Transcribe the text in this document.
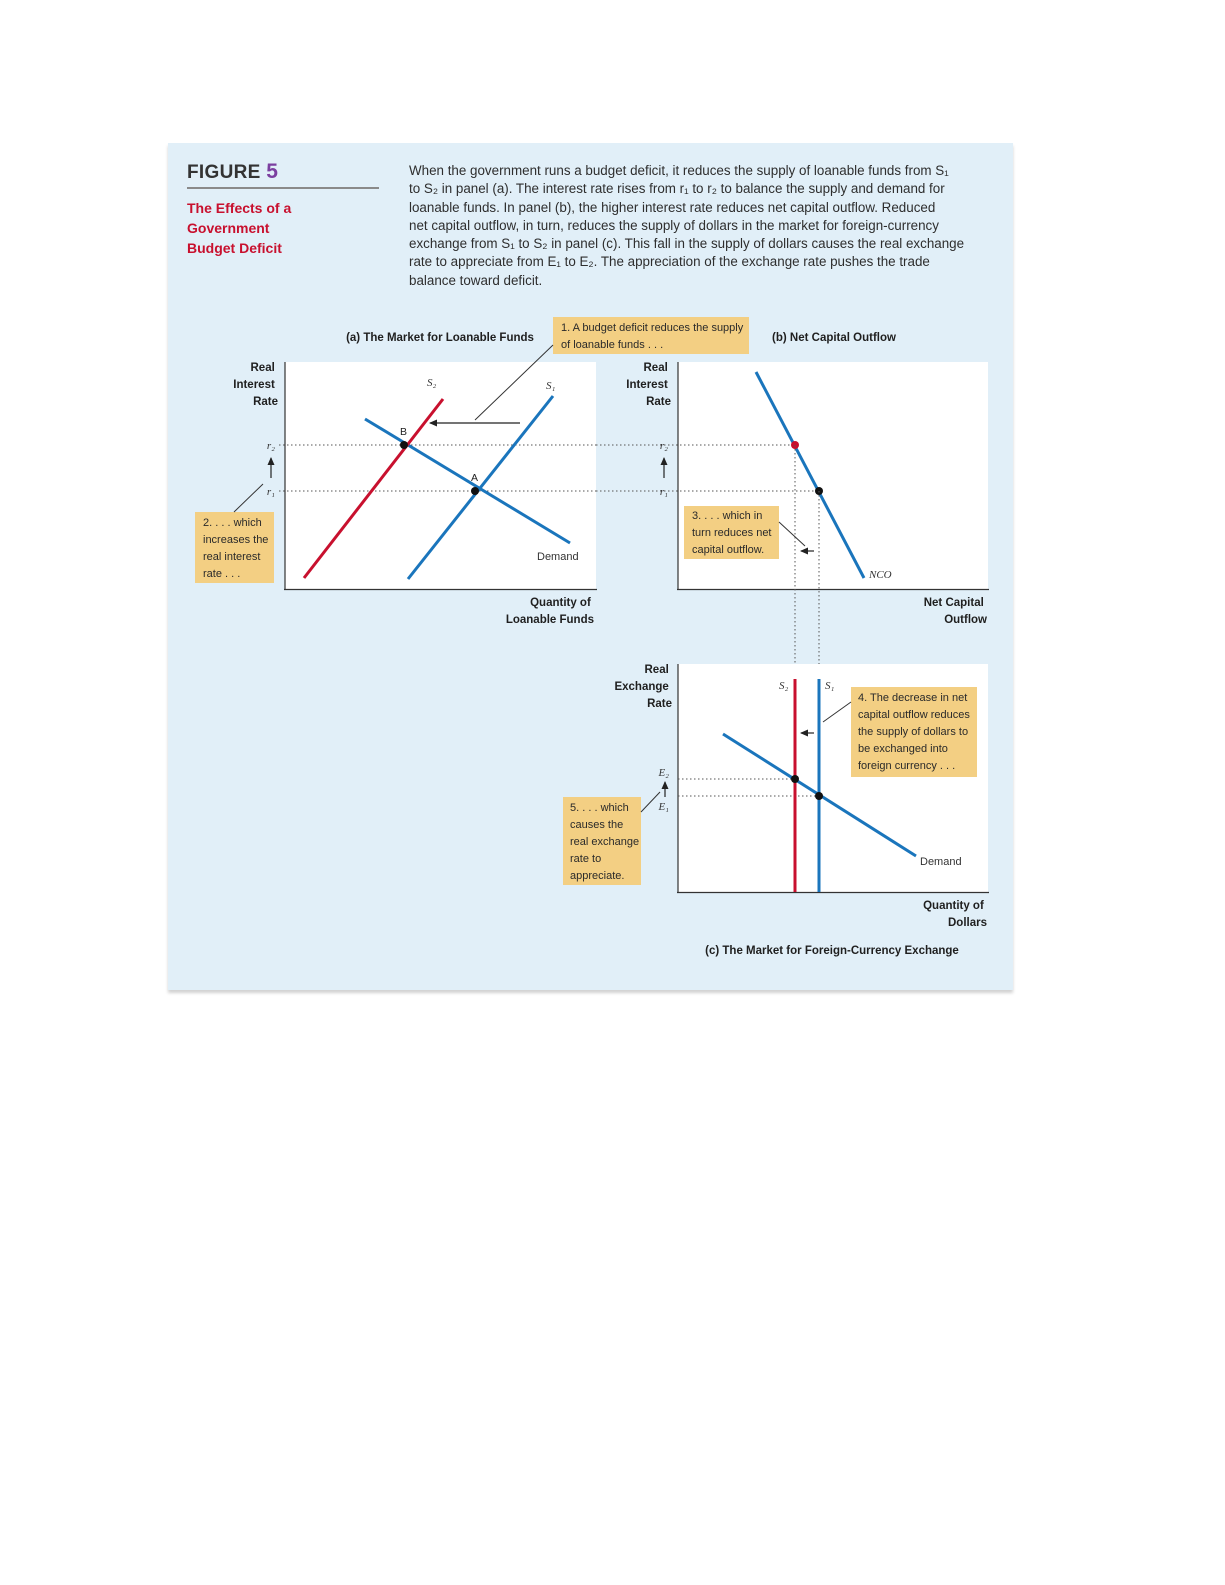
FIGURE 5
The Effects of a Government
Budget Deficit
When the government runs a budget deficit, it reduces the supply of loanable funds from S₁
to S₂ in panel (a). The interest rate rises from r₁ to r₂ to balance the supply and demand for
loanable funds. In panel (b), the higher interest rate reduces net capital outflow. Reduced
net capital outflow, in turn, reduces the supply of dollars in the market for foreign-currency
exchange from S₁ to S₂ in panel (c). This fall in the supply of dollars causes the real exchange
rate to appreciate from E₁ to E₂. The appreciation of the exchange rate pushes the trade
balance toward deficit.
(a) The Market for Loanable Funds
Real Interest Rate
Quantity of Loanable Funds
r₂
r₁
S₂	S₁
Demand
B
A
(b) Net Capital Outflow
Real Interest Rate
Net Capital Outflow
r₂
r₁
NCO
(c) The Market for Foreign-Currency Exchange
Real Exchange Rate
Quantity of Dollars
E₂
E₁
S₂	S₁
Demand
1. A budget deficit reduces the supply of loanable funds . . .
2. . . . which increases the real interest rate . . .
3. . . . which in turn reduces net capital outflow.
4. The decrease in net capital outflow reduces the supply of dollars to be exchanged into foreign currency . . .
5. . . . which causes the real exchange rate to appreciate.
